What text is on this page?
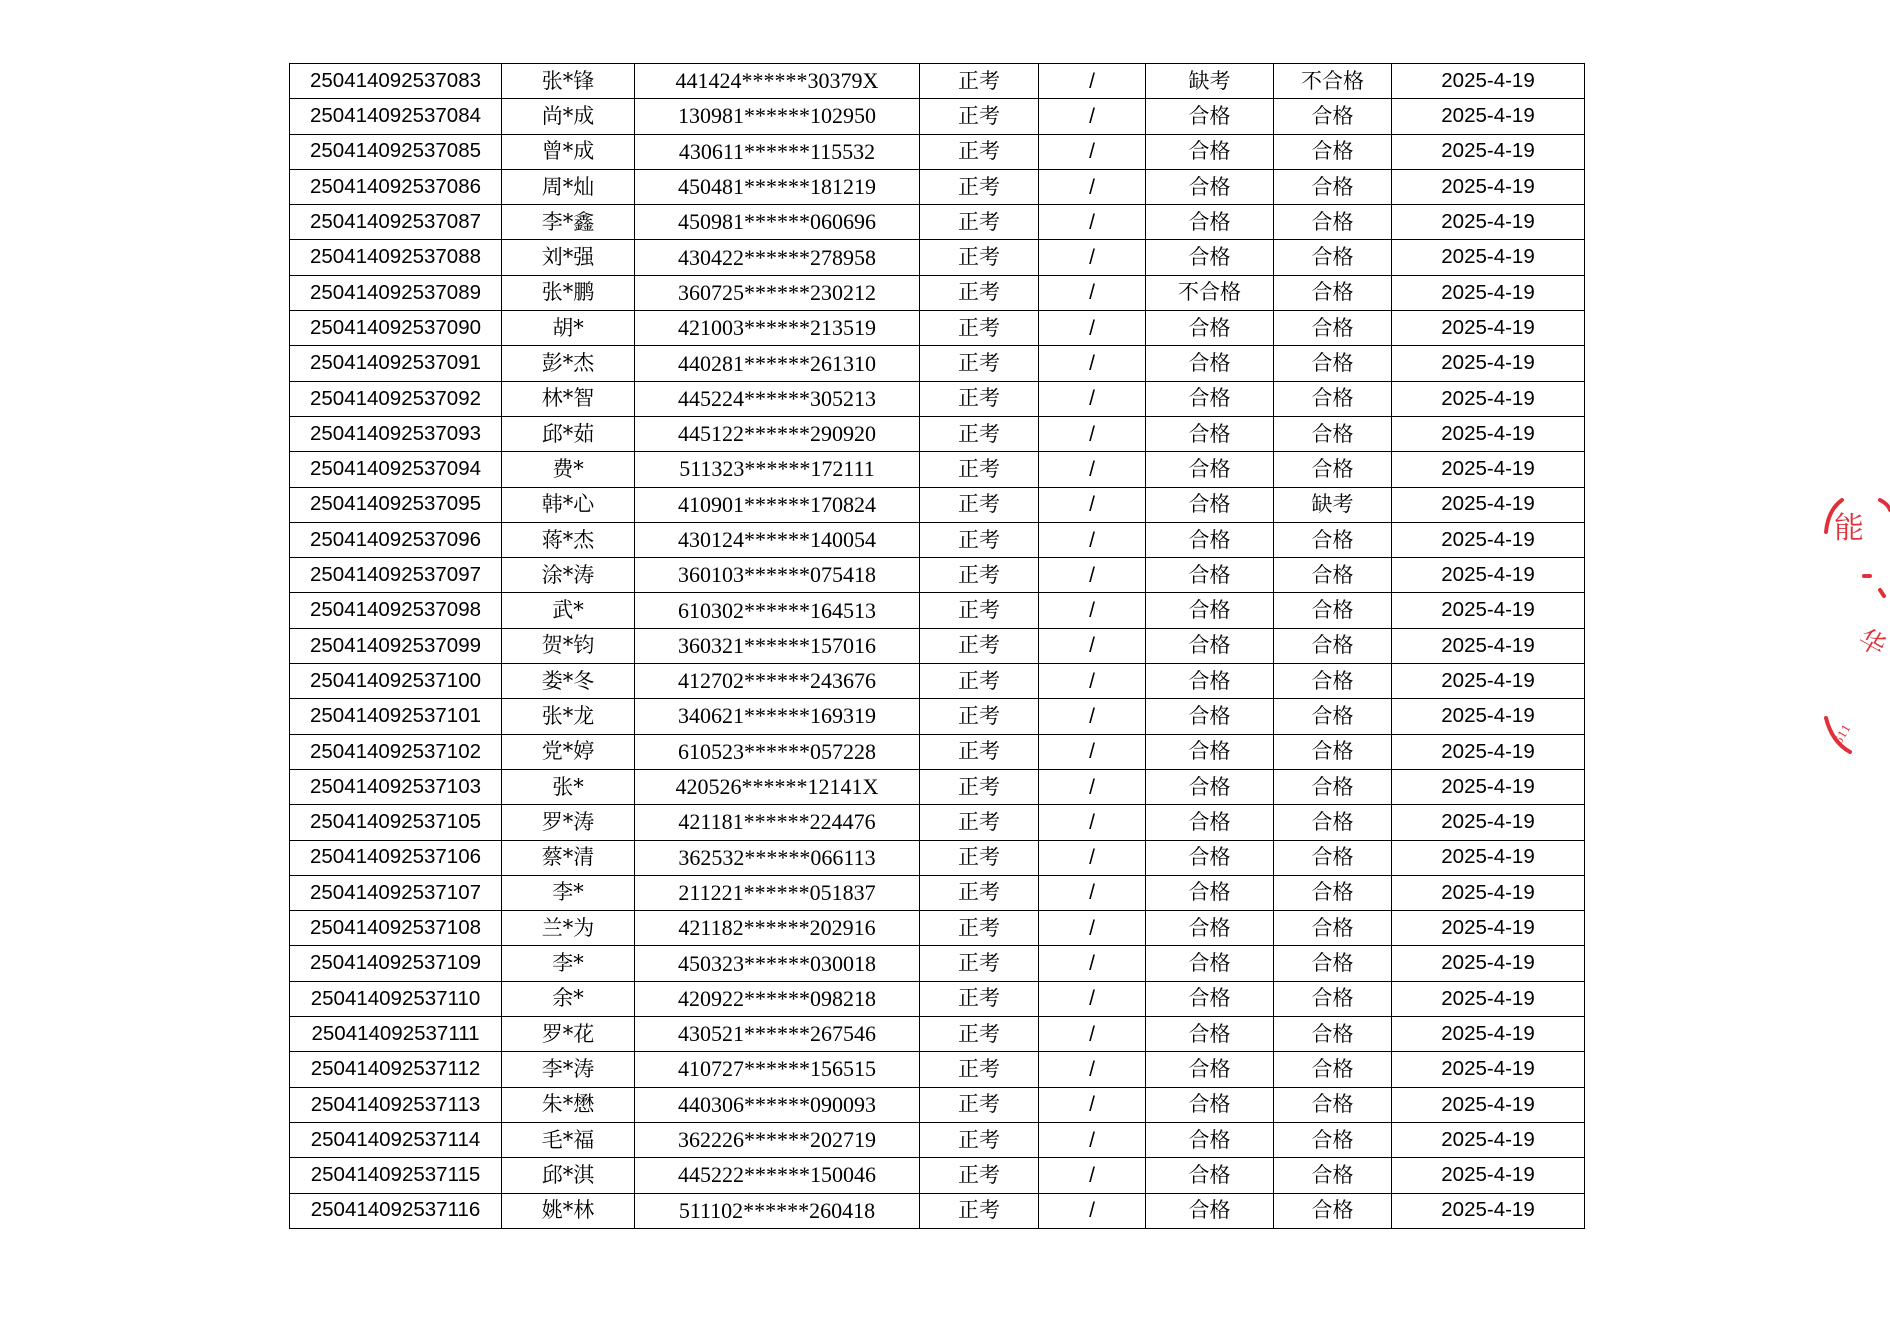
250414092537083	张*锋	441424******30379X	正考	/	缺考	不合格	2025-4-19
250414092537084	尚*成	130981******102950	正考	/	合格	合格	2025-4-19
250414092537085	曾*成	430611******115532	正考	/	合格	合格	2025-4-19
250414092537086	周*灿	450481******181219	正考	/	合格	合格	2025-4-19
250414092537087	李*鑫	450981******060696	正考	/	合格	合格	2025-4-19
250414092537088	刘*强	430422******278958	正考	/	合格	合格	2025-4-19
250414092537089	张*鹏	360725******230212	正考	/	不合格	合格	2025-4-19
250414092537090	胡*	421003******213519	正考	/	合格	合格	2025-4-19
250414092537091	彭*杰	440281******261310	正考	/	合格	合格	2025-4-19
250414092537092	林*智	445224******305213	正考	/	合格	合格	2025-4-19
250414092537093	邱*茹	445122******290920	正考	/	合格	合格	2025-4-19
250414092537094	费*	511323******172111	正考	/	合格	合格	2025-4-19
250414092537095	韩*心	410901******170824	正考	/	合格	缺考	2025-4-19
250414092537096	蒋*杰	430124******140054	正考	/	合格	合格	2025-4-19
250414092537097	涂*涛	360103******075418	正考	/	合格	合格	2025-4-19
250414092537098	武*	610302******164513	正考	/	合格	合格	2025-4-19
250414092537099	贺*钧	360321******157016	正考	/	合格	合格	2025-4-19
250414092537100	娄*冬	412702******243676	正考	/	合格	合格	2025-4-19
250414092537101	张*龙	340621******169319	正考	/	合格	合格	2025-4-19
250414092537102	党*婷	610523******057228	正考	/	合格	合格	2025-4-19
250414092537103	张*	420526******12141X	正考	/	合格	合格	2025-4-19
250414092537105	罗*涛	421181******224476	正考	/	合格	合格	2025-4-19
250414092537106	蔡*清	362532******066113	正考	/	合格	合格	2025-4-19
250414092537107	李*	211221******051837	正考	/	合格	合格	2025-4-19
250414092537108	兰*为	421182******202916	正考	/	合格	合格	2025-4-19
250414092537109	李*	450323******030018	正考	/	合格	合格	2025-4-19
250414092537110	余*	420922******098218	正考	/	合格	合格	2025-4-19
250414092537111	罗*花	430521******267546	正考	/	合格	合格	2025-4-19
250414092537112	李*涛	410727******156515	正考	/	合格	合格	2025-4-19
250414092537113	朱*懋	440306******090093	正考	/	合格	合格	2025-4-19
250414092537114	毛*福	362226******202719	正考	/	合格	合格	2025-4-19
250414092537115	邱*淇	445222******150046	正考	/	合格	合格	2025-4-19
250414092537116	姚*林	511102******260418	正考	/	合格	合格	2025-4-19
能
华
611
